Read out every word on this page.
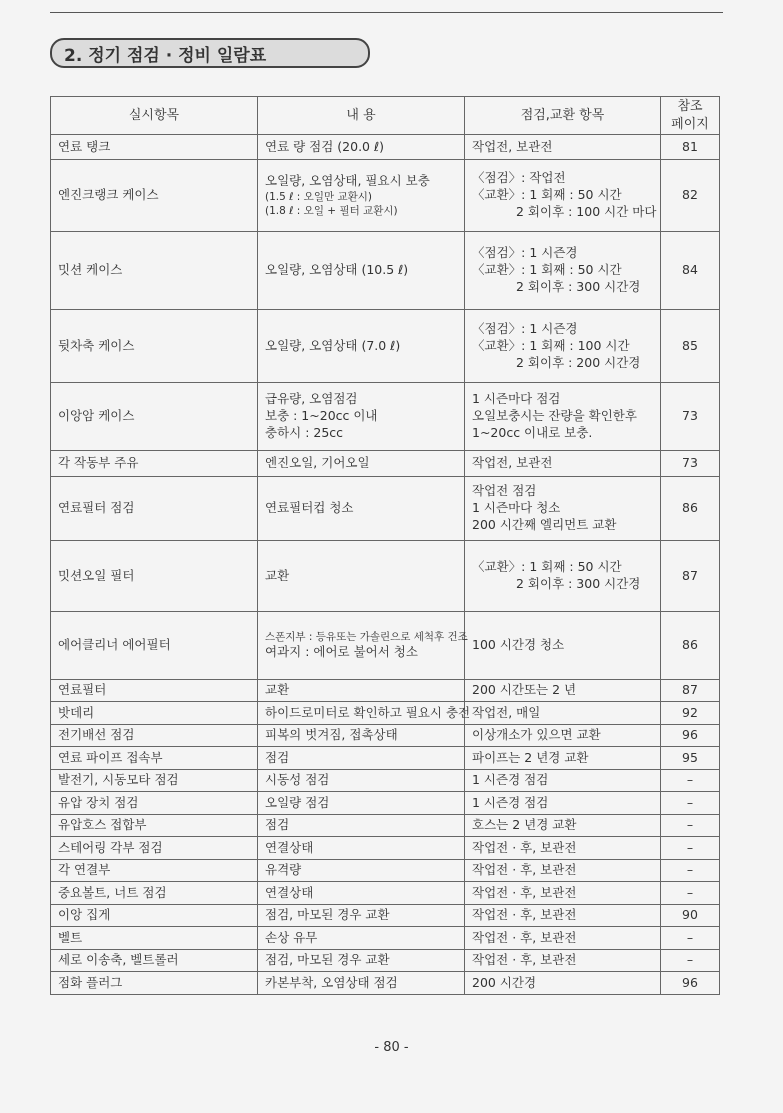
2. 정기 점검 · 정비 일람표
실시항목	내 용	점검,교환 항목	참조
페이지

연료 탱크	연료 량 점검 (20.0 ℓ)	작업전, 보관전	81
엔진크랭크 케이스	오일량, 오염상태, 필요시 보충
(1.5 ℓ : 오일만 교환시)
(1.8 ℓ : 오일 + 필터 교환시)	〈점검〉: 작업전
〈교환〉: 1 회째 : 50 시간
2 회이후 : 100 시간 마다	82
밋션 케이스	오일량, 오염상태 (10.5 ℓ)	〈점검〉: 1 시즌경
〈교환〉: 1 회째 : 50 시간
2 회이후 : 300 시간경	84
뒷차축 케이스	오일량, 오염상태 (7.0 ℓ)	〈점검〉: 1 시즌경
〈교환〉: 1 회째 : 100 시간
2 회이후 : 200 시간경	85
이앙암 케이스	급유량, 오염점검
보충 : 1~20cc 이내
충하시 : 25cc	1 시즌마다 점검
오일보충시는 잔량을 확인한후
1~20cc 이내로 보충.	73
각 작동부 주유	엔진오일, 기어오일	작업전, 보관전	73
연료필터 점검	연료필터컵 청소	작업전 점검
1 시즌마다 청소
200 시간째 엘리먼트 교환	86
밋션오일 필터	교환	〈교환〉: 1 회째 : 50 시간
2 회이후 : 300 시간경	87
에어클리너 에어필터	스폰지부 : 등유또는 가솔린으로 세척후 건조
여과지 : 에어로 불어서 청소	100 시간경 청소	86
연료필터	교환	200 시간또는 2 년	87
밧데리	하이드로미터로 확인하고 필요시 충전	작업전, 매일	92
전기배선 점검	피복의 벗겨짐, 접촉상태	이상개소가 있으면 교환	96
연료 파이프 접속부	점검	파이프는 2 년경 교환	95
발전기, 시동모타 점검	시동성 점검	1 시즌경 점검	–
유압 장치 점검	오일량 점검	1 시즌경 점검	–
유압호스 접합부	점검	호스는 2 년경 교환	–
스테어링 각부 점검	연결상태	작업전 · 후, 보관전	–
각 연결부	유격량	작업전 · 후, 보관전	–
중요볼트, 너트 점검	연결상태	작업전 · 후, 보관전	–
이앙 집게	점검, 마모된 경우 교환	작업전 · 후, 보관전	90
벨트	손상 유무	작업전 · 후, 보관전	–
세로 이송축, 벨트롤러	점검, 마모된 경우 교환	작업전 · 후, 보관전	–
점화 플러그	카본부착, 오염상태 점검	200 시간경	96
- 80 -
